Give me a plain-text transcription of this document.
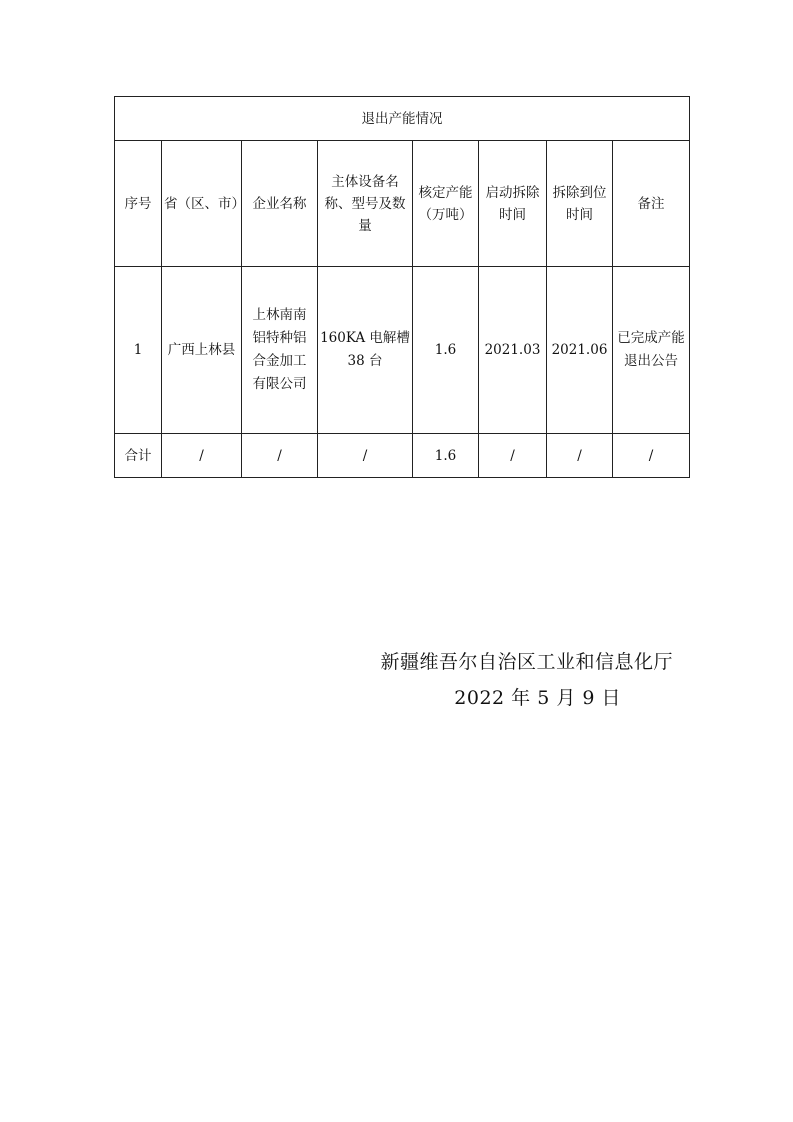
退出产能情况							
序号	省（区、市）	企业名称	主体设备名称、型号及数量	核定产能（万吨）	启动拆除时间	拆除到位时间	备注
1	广西上林县	上林南南铝特种铝合金加工有限公司	160KA 电解槽 38 台	1.6	2021.03	2021.06	已完成产能退出公告
合计	/	/	/	1.6	/	/	/
新疆维吾尔自治区工业和信息化厅
2022 年 5 月 9 日
